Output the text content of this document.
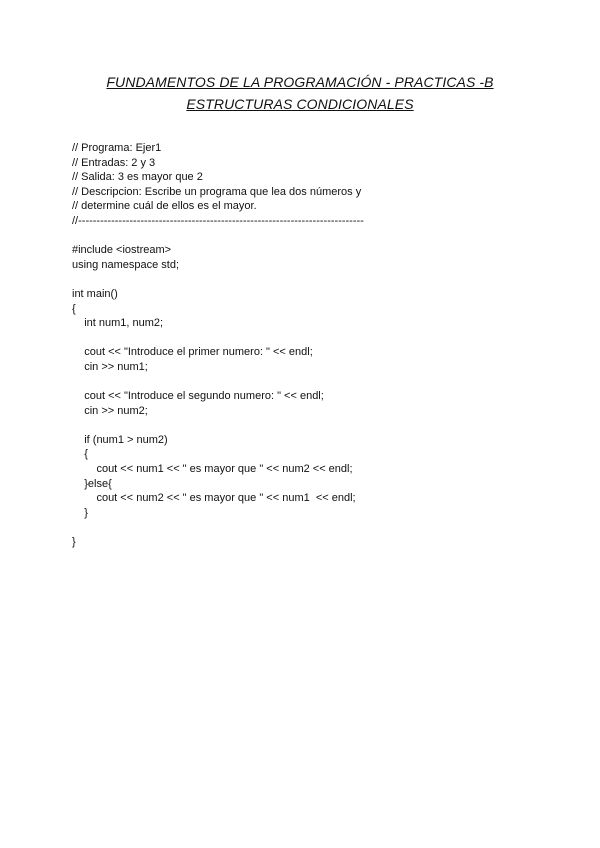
FUNDAMENTOS DE LA PROGRAMACIÓN - PRACTICAS -B
ESTRUCTURAS CONDICIONALES
// Programa: Ejer1
// Entradas: 2 y 3
// Salida: 3 es mayor que 2
// Descripcion: Escribe un programa que lea dos números y
// determine cuál de ellos es el mayor.
//------------------------------------------------------------------------------
#include <iostream>
using namespace std;
int main()
{
int num1, num2;
cout << "Introduce el primer numero: " << endl;
cin >> num1;
cout << "Introduce el segundo numero: " << endl;
cin >> num2;
if (num1 > num2)
{
cout << num1 << " es mayor que " << num2 << endl;
}else{
cout << num2 << " es mayor que " << num1  << endl;
}
}
